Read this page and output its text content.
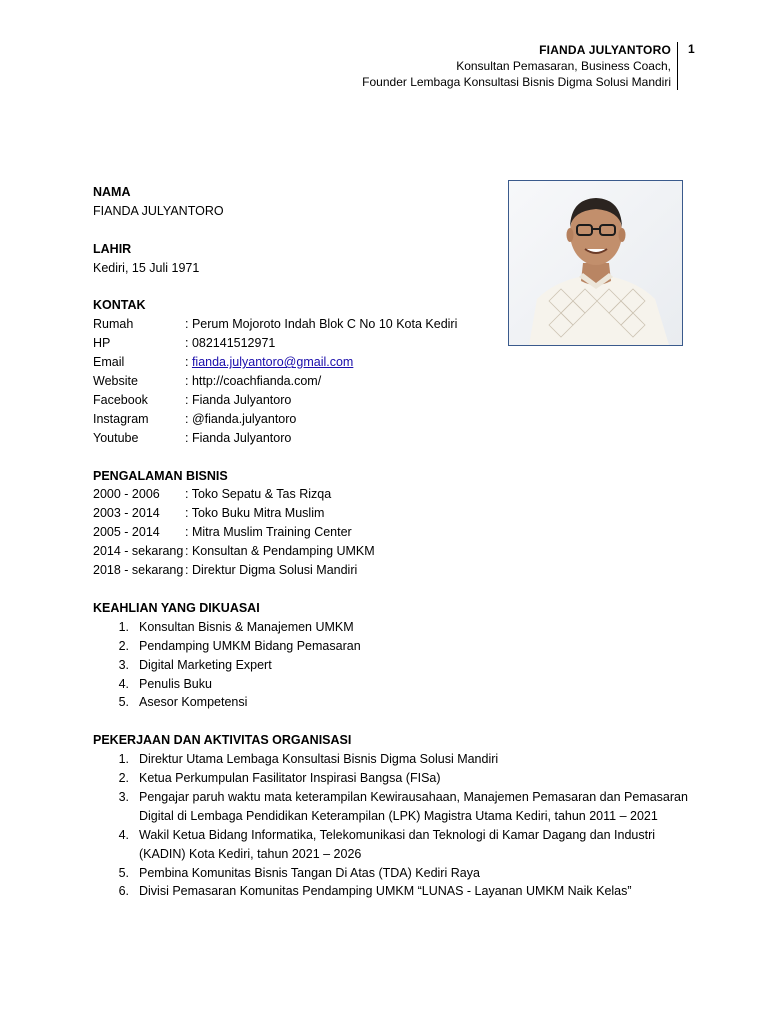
FIANDA JULYANTORO
Konsultan Pemasaran, Business Coach,
Founder Lembaga Konsultasi Bisnis Digma Solusi Mandiri
1
NAMA
FIANDA JULYANTORO
LAHIR
Kediri, 15 Juli 1971
KONTAK
Rumah	: Perum Mojoroto Indah Blok C No 10 Kota Kediri
HP	: 082141512971
Email	: fianda.julyantoro@gmail.com
Website	: http://coachfianda.com/
Facebook	: Fianda Julyantoro
Instagram	: @fianda.julyantoro
Youtube	: Fianda Julyantoro
PENGALAMAN BISNIS
2000 - 2006	: Toko Sepatu & Tas Rizqa
2003 - 2014	: Toko Buku Mitra Muslim
2005 - 2014	: Mitra Muslim Training Center
2014 - sekarang : Konsultan & Pendamping UMKM
2018 - sekarang : Direktur Digma Solusi Mandiri
KEAHLIAN YANG DIKUASAI
1. Konsultan Bisnis & Manajemen UMKM
2. Pendamping UMKM Bidang Pemasaran
3. Digital Marketing Expert
4. Penulis Buku
5. Asesor Kompetensi
PEKERJAAN DAN AKTIVITAS ORGANISASI
1. Direktur Utama Lembaga Konsultasi Bisnis Digma Solusi Mandiri
2. Ketua Perkumpulan Fasilitator Inspirasi Bangsa (FISa)
3. Pengajar paruh waktu mata keterampilan Kewirausahaan, Manajemen Pemasaran dan Pemasaran Digital di Lembaga Pendidikan Keterampilan (LPK) Magistra Utama Kediri, tahun 2011 – 2021
4. Wakil Ketua Bidang Informatika, Telekomunikasi dan Teknologi di Kamar Dagang dan Industri (KADIN) Kota Kediri, tahun 2021 – 2026
5. Pembina Komunitas Bisnis Tangan Di Atas (TDA) Kediri Raya
6. Divisi Pemasaran Komunitas Pendamping UMKM “LUNAS - Layanan UMKM Naik Kelas”
